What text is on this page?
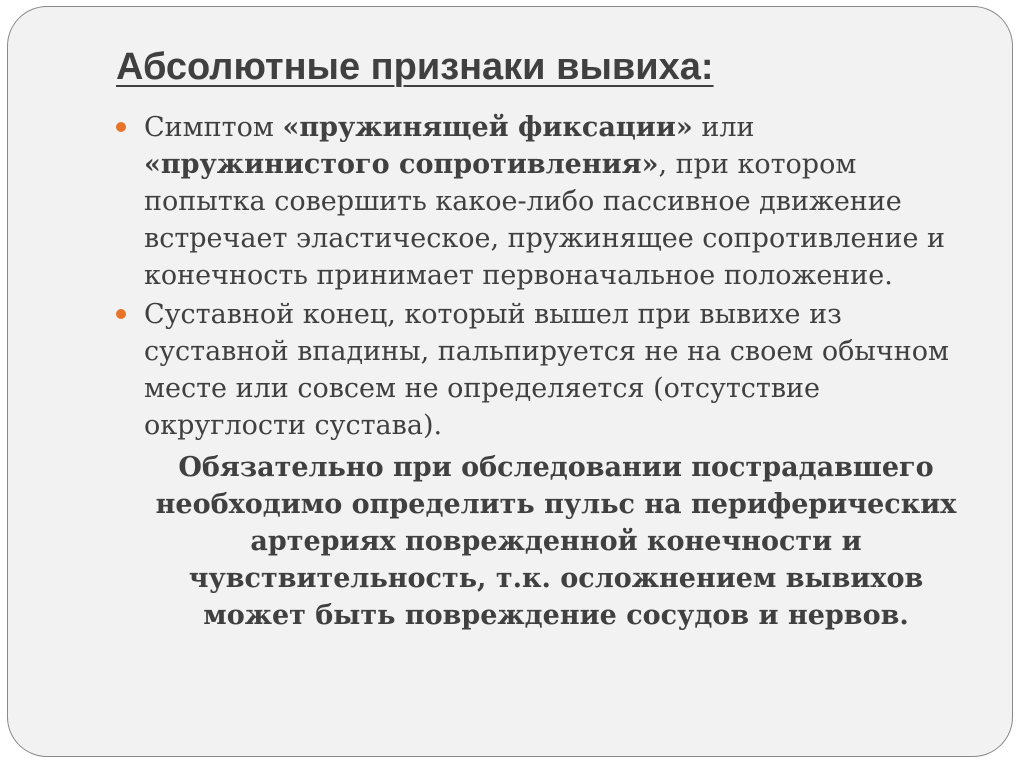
Абсолютные признаки вывиха:
Симптом «пружинящей фиксации» или «пружинистого сопротивления», при котором попытка совершить какое-либо пассивное движение встречает эластическое, пружинящее сопротивление и конечность принимает первоначальное положение.
Суставной конец, который вышел при вывихе из суставной впадины, пальпируется не на своем обычном месте или совсем не определяется (отсутствие округлости сустава).

Обязательно при обследовании пострадавшего необходимо определить пульс на периферических артериях поврежденной конечности и чувствительность, т.к. осложнением вывихов может быть повреждение сосудов и нервов.
